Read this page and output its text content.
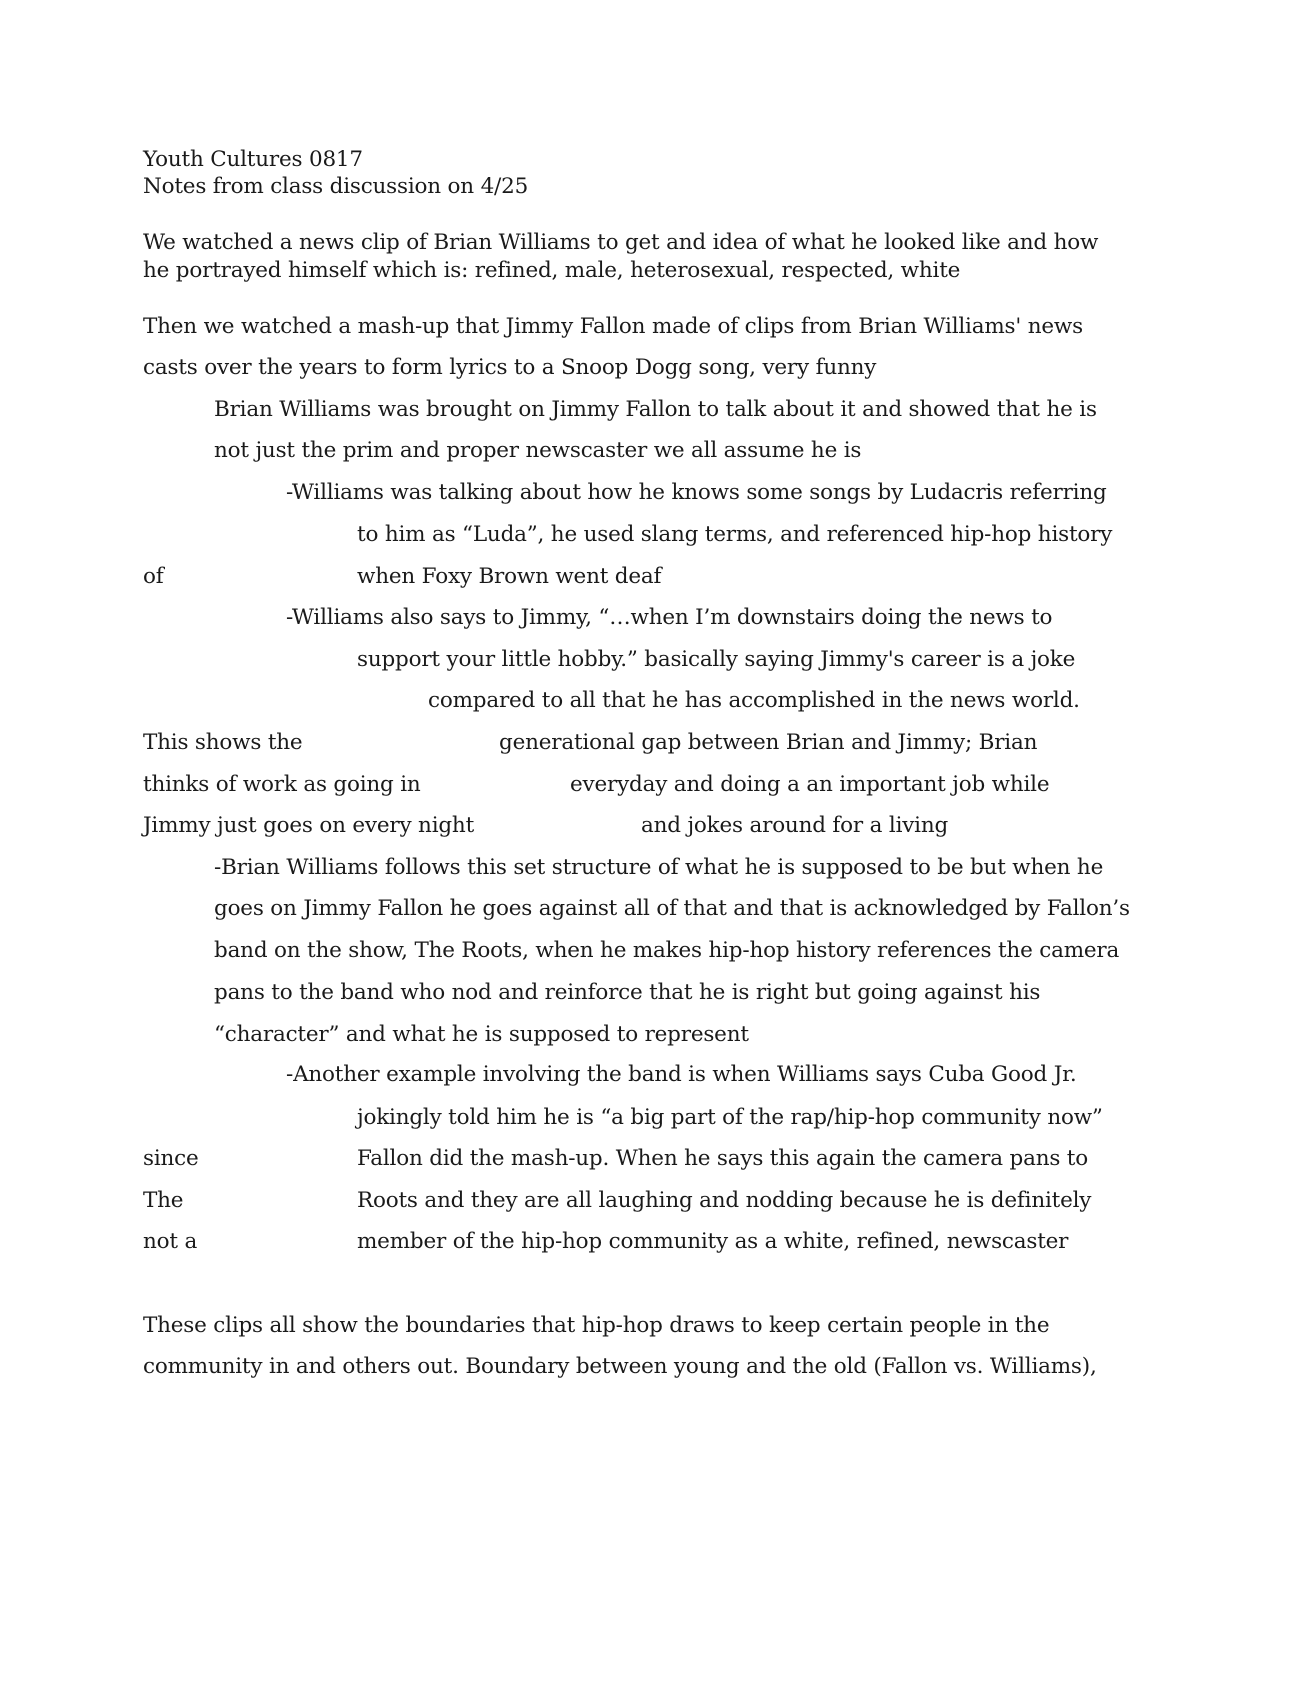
Youth Cultures 0817
Notes from class discussion on 4/25
We watched a news clip of Brian Williams to get and idea of what he looked like and how
he portrayed himself which is: refined, male, heterosexual, respected, white
Then we watched a mash-up that Jimmy Fallon made of clips from Brian Williams' news
casts over the years to form lyrics to a Snoop Dogg song, very funny
Brian Williams was brought on Jimmy Fallon to talk about it and showed that he is
not just the prim and proper newscaster we all assume he is
-Williams was talking about how he knows some songs by Ludacris referring
to him as “Luda”, he used slang terms, and referenced hip-hop history
of	when Foxy Brown went deaf
-Williams also says to Jimmy, “…when I’m downstairs doing the news to
support your little hobby.” basically saying Jimmy's career is a joke
compared to all that he has accomplished in the news world.
This shows the	generational gap between Brian and Jimmy; Brian
thinks of work as going in	everyday and doing a an important job while
Jimmy just goes on every night	and jokes around for a living
-Brian Williams follows this set structure of what he is supposed to be but when he
goes on Jimmy Fallon he goes against all of that and that is acknowledged by Fallon’s
band on the show, The Roots, when he makes hip-hop history references the camera
pans to the band who nod and reinforce that he is right but going against his
“character” and what he is supposed to represent
-Another example involving the band is when Williams says Cuba Good Jr.
jokingly told him he is “a big part of the rap/hip-hop community now”
since	Fallon did the mash-up. When he says this again the camera pans to
The	Roots and they are all laughing and nodding because he is definitely
not a	member of the hip-hop community as a white, refined, newscaster
These clips all show the boundaries that hip-hop draws to keep certain people in the
community in and others out. Boundary between young and the old (Fallon vs. Williams),
